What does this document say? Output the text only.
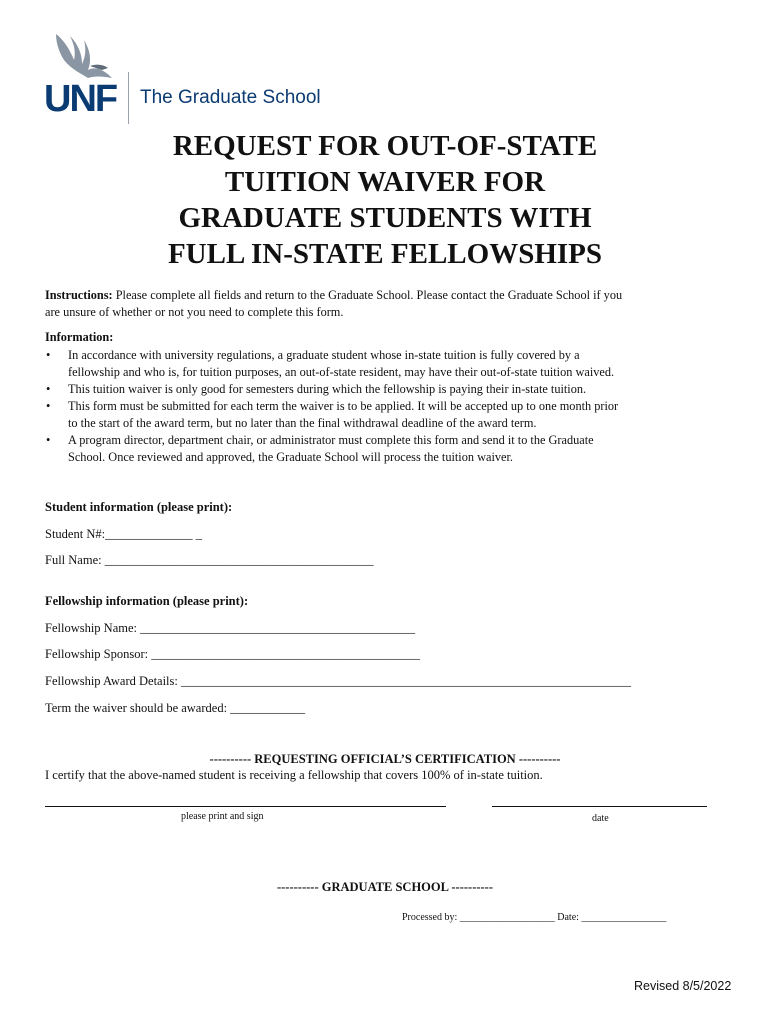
UNF The Graduate School
REQUEST FOR OUT-OF-STATE
TUITION WAIVER FOR
GRADUATE STUDENTS WITH
FULL IN-STATE FELLOWSHIPS
Instructions: Please complete all fields and return to the Graduate School. Please contact the Graduate School if you
are unsure of whether or not you need to complete this form.
Information:
• In accordance with university regulations, a graduate student whose in-state tuition is fully covered by a
fellowship and who is, for tuition purposes, an out-of-state resident, may have their out-of-state tuition waived.
• This tuition waiver is only good for semesters during which the fellowship is paying their in-state tuition.
• This form must be submitted for each term the waiver is to be applied. It will be accepted up to one month prior
to the start of the award term, but no later than the final withdrawal deadline of the award term.
• A program director, department chair, or administrator must complete this form and send it to the Graduate
School. Once reviewed and approved, the Graduate School will process the tuition waiver.
Student information (please print):
Student N#:______________ _
Full Name: ___________________________________________
Fellowship information (please print):
Fellowship Name: ____________________________________________
Fellowship Sponsor: ___________________________________________
Fellowship Award Details: ________________________________________________________________________
Term the waiver should be awarded: ____________
---------- REQUESTING OFFICIAL’S CERTIFICATION ----------
I certify that the above-named student is receiving a fellowship that covers 100% of in-state tuition.
please print and sign	date
---------- GRADUATE SCHOOL ----------
Processed by: ___________________ Date: _________________
Revised 8/5/2022
